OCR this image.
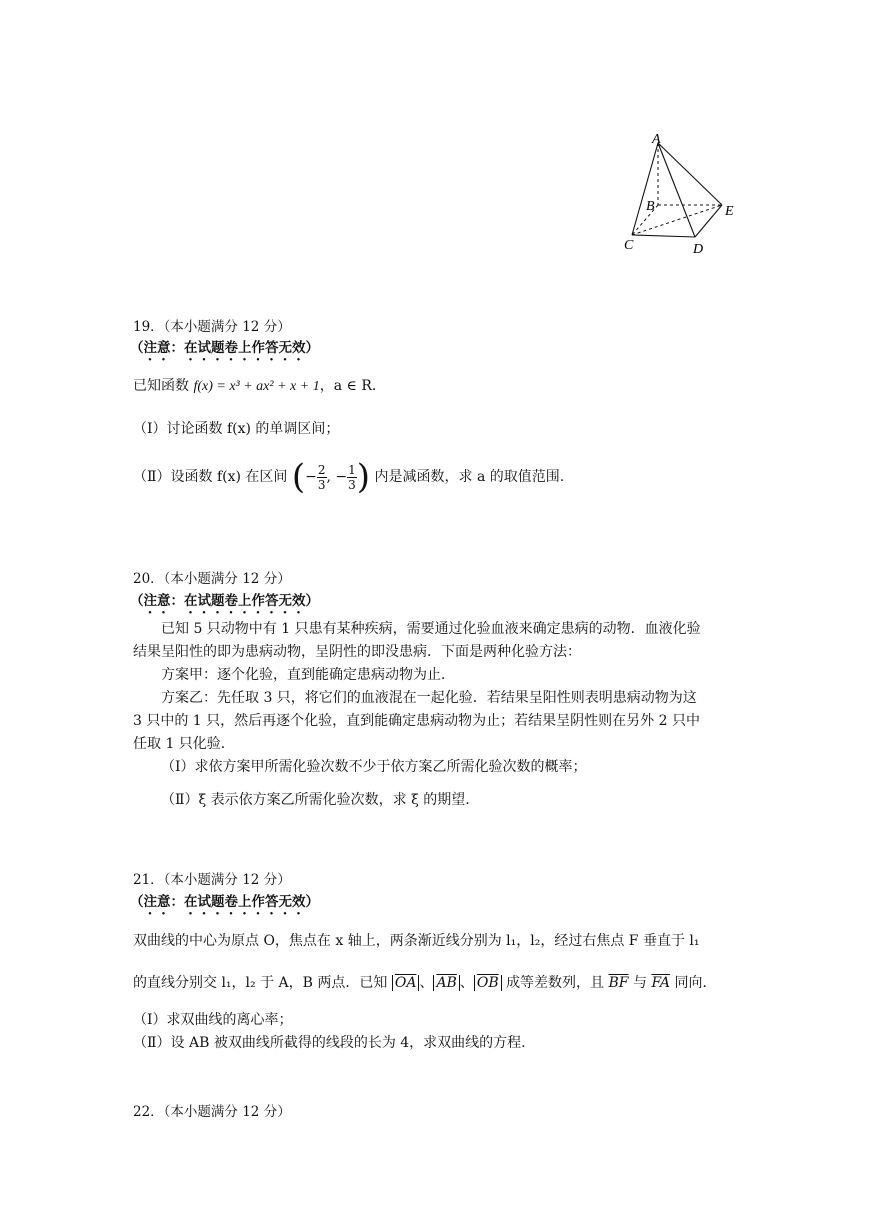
A
B
C	D
E
19．（本小题满分 12 分）
（注意：在试题卷上作答无效）
已知函数 f(x) = x³ + ax² + x + 1，a ∈ R．
（Ⅰ）讨论函数 f(x) 的单调区间；
（Ⅱ）设函数 f(x) 在区间 (− $\frac{2}{3}$ , − $\frac{1}{3}$ ) 内是减函数，求 a 的取值范围.
20．（本小题满分 12 分）
（注意：在试题卷上作答无效）
已知 5 只动物中有 1 只患有某种疾病，需要通过化验血液来确定患病的动物．血液化验
结果呈阳性的即为患病动物，呈阴性的即没患病．下面是两种化验方法：
方案甲：逐个化验，直到能确定患病动物为止．
方案乙：先任取 3 只，将它们的血液混在一起化验．若结果呈阳性则表明患病动物为这
3 只中的 1 只，然后再逐个化验，直到能确定患病动物为止；若结果呈阴性则在另外 2 只中
任取 1 只化验．
（Ⅰ）求依方案甲所需化验次数不少于依方案乙所需化验次数的概率；
（Ⅱ）ξ 表示依方案乙所需化验次数，求 ξ 的期望.
21．（本小题满分 12 分）
（注意：在试题卷上作答无效）
双曲线的中心为原点 O，焦点在 x 轴上，两条渐近线分别为 l₁，l₂，经过右焦点 F 垂直于 l₁
的直线分别交 l₁，l₂ 于 A，B 两点．已知 $\overline{OA}$ 、 $\overline{AB}$ 、 $\overline{OB}$ 成等差数列，且 $\overline{BF}$ 与 $\overline{FA}$ 同向．
（Ⅰ）求双曲线的离心率；
（Ⅱ）设 AB 被双曲线所截得的线段的长为 4，求双曲线的方程.
22．（本小题满分 12 分）
